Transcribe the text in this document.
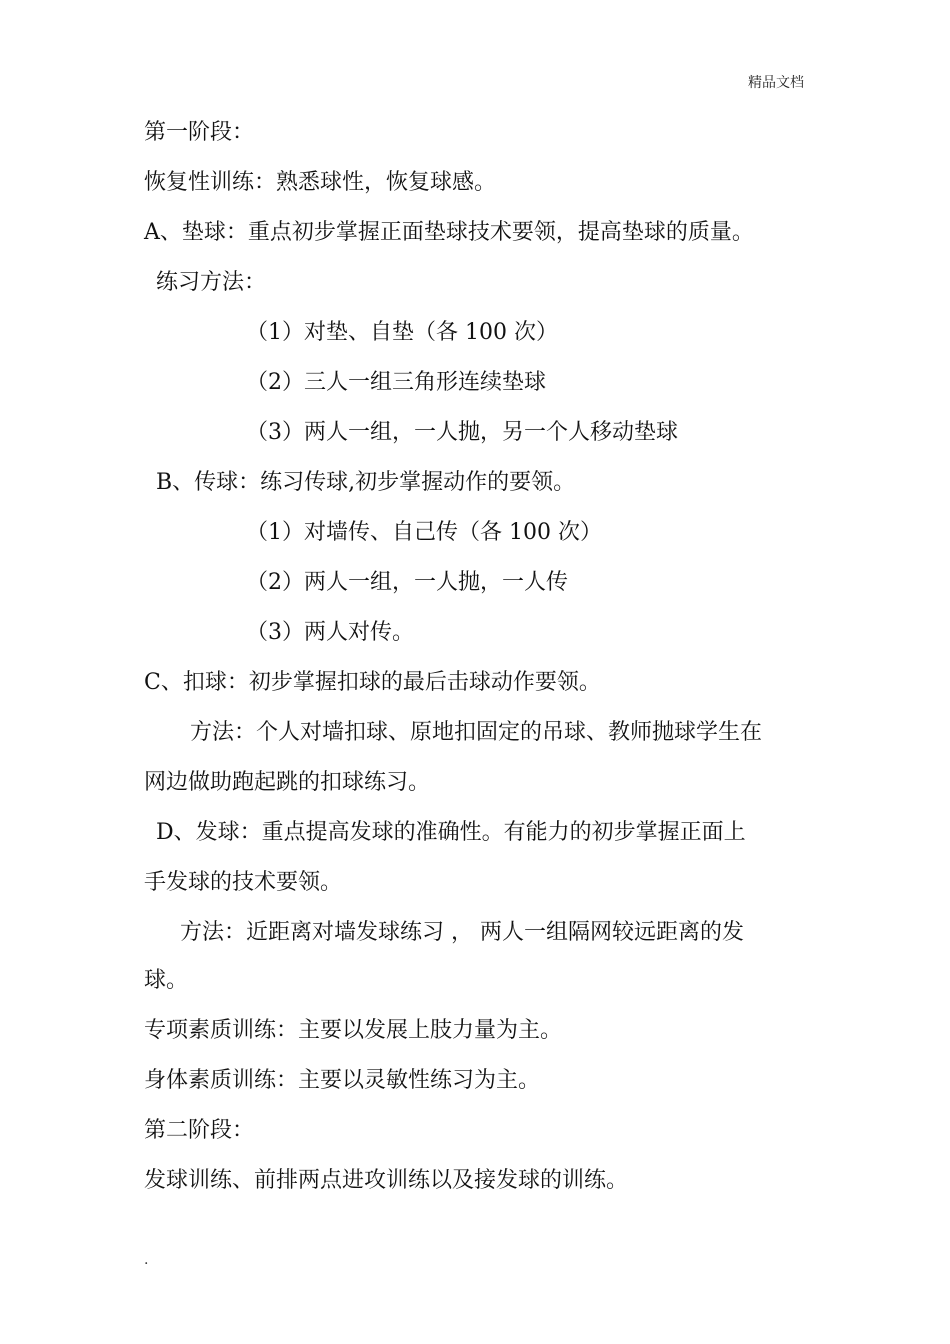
精品文档
第一阶段：
恢复性训练：熟悉球性，恢复球感。
A、垫球：重点初步掌握正面垫球技术要领，提高垫球的质量。
练习方法：
（1）对垫、自垫（各 100 次）
（2）三人一组三角形连续垫球
（3）两人一组，一人抛，另一个人移动垫球
B、传球：练习传球,初步掌握动作的要领。
（1）对墙传、自己传（各 100 次）
（2）两人一组，一人抛，一人传
（3）两人对传。
C、扣球：初步掌握扣球的最后击球动作要领。
方法：个人对墙扣球、原地扣固定的吊球、教师抛球学生在
网边做助跑起跳的扣球练习。
D、发球：重点提高发球的准确性。有能力的初步掌握正面上
手发球的技术要领。
方法：近距离对墙发球练习 ， 两人一组隔网较远距离的发
球。
专项素质训练：主要以发展上肢力量为主。
身体素质训练：主要以灵敏性练习为主。
第二阶段：
发球训练、前排两点进攻训练以及接发球的训练。
.
